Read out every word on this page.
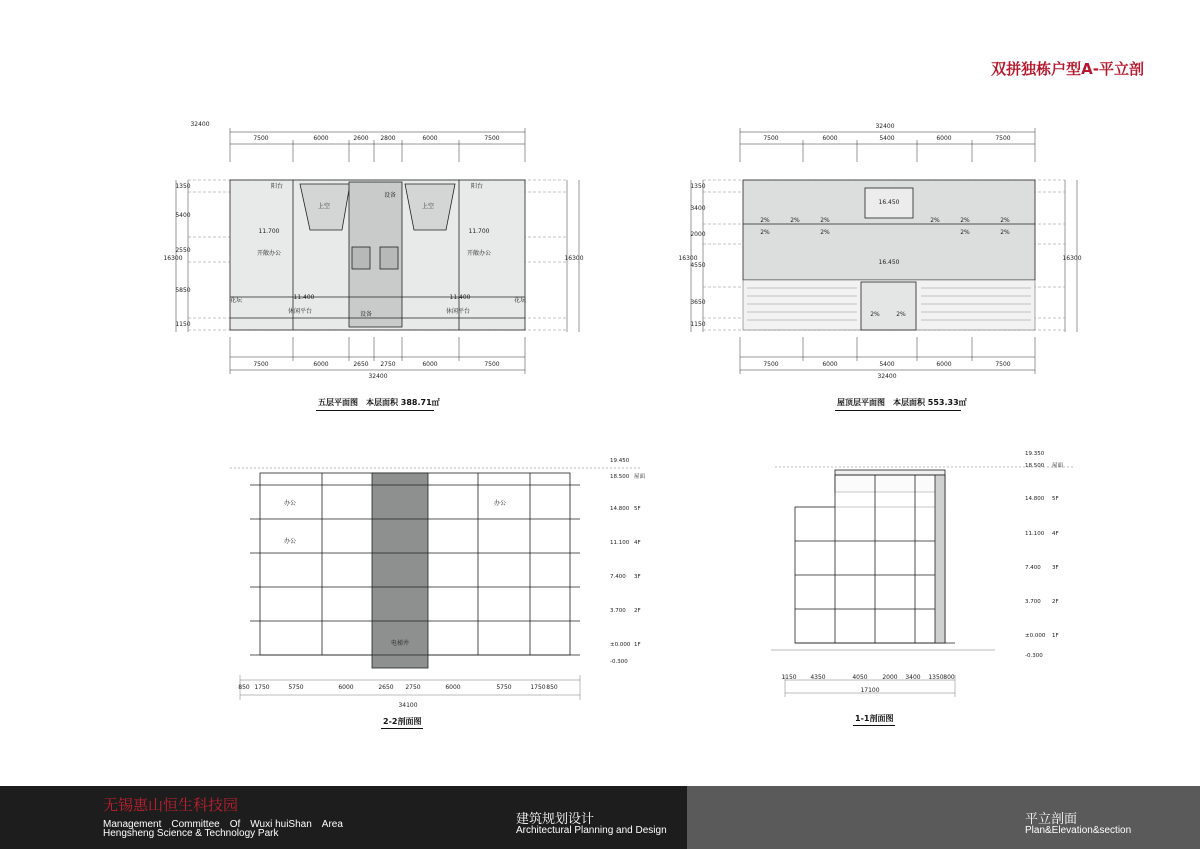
双拼独栋户型A-平立剖
32400
7500	6000	2600 2800	6000	7500
7500	6000	2650 2750	6000	7500
32400
1350
5400
2550
5850
1150
16300	16300
阳台	阳台
上空	上空
11.700	11.700
开敞办公	开敞办公
11.400	11.400
休闲平台	休闲平台
花坛	花坛
设备
设备
五层平面图　本层面积 388.71㎡
32400
7500	6000	5400	6000	7500
7500	6000	5400	6000	7500
32400
1350
3400
2000
4550
3650
1150
16300	16300
16.450
16.450
2%	2%	2%	2%	2%	2%
2%	2%	2%	2%
2%	2%
屋顶层平面图　本层面积 553.33㎡
办公
办公
办公
电梯井
34100
850 1750	5750	6000	2650 2750	6000	5750	1750 850
19.450
18.500 屋面
14.800 5F
11.100 4F
7.400 3F
3.700 2F
±0.000 1F
-0.300
2-2剖面图
17100
1150 4350	4050 2000 3400 1350 800
19.350
18.500 屋面
14.800 5F
11.100 4F
7.400 3F
3.700 2F
±0.000 1F
-0.300
1-1剖面图
无锡惠山恒生科技园
Management　Committee　Of　Wuxi huiShan　Area
Hengsheng Science & Technology Park
建筑规划设计
Architectural Planning and Design
平立剖面
Plan&Elevation&section
